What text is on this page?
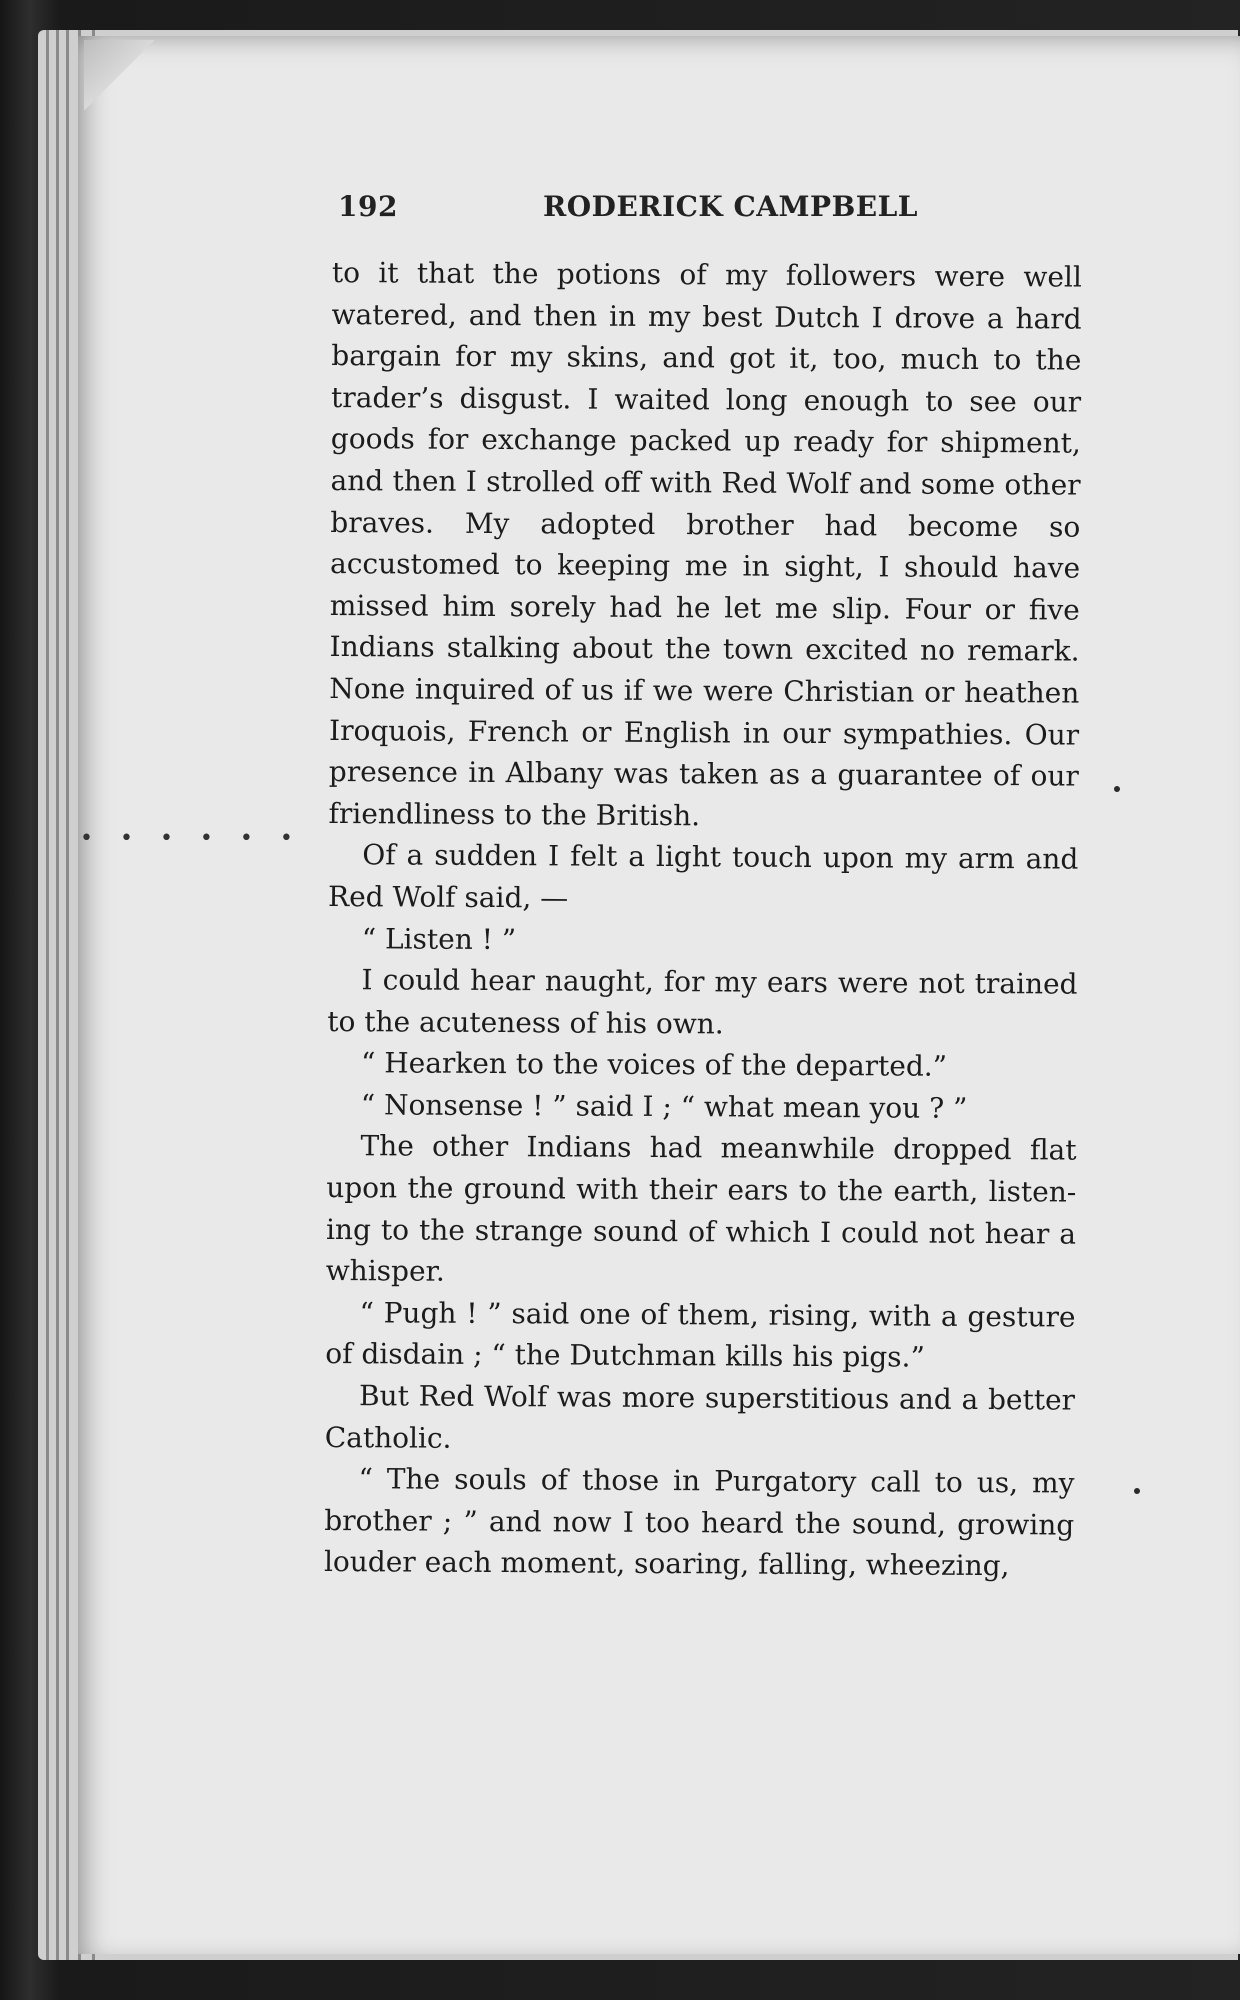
• • • • • •
192	RODERICK CAMPBELL

to it that the potions of my followers were well watered, and then in my best Dutch I drove a hard bargain for my skins, and got it, too, much to the trader’s disgust. I waited long enough to see our goods for exchange packed up ready for shipment, and then I strolled off with Red Wolf and some other braves. My adopted brother had become so accustomed to keeping me in sight, I should have missed him sorely had he let me slip. Four or five Indians stalking about the town excited no remark. None inquired of us if we were Christian or heathen Iroquois, French or English in our sympathies. Our presence in Albany was taken as a guarantee of our friendliness to the British.

Of a sudden I felt a light touch upon my arm and Red Wolf said, —

“ Listen ! ”

I could hear naught, for my ears were not trained to the acuteness of his own.

“ Hearken to the voices of the departed.”

“ Nonsense ! ” said I ; “ what mean you ? ”

The other Indians had meanwhile dropped flat upon the ground with their ears to the earth, listening to the strange sound of which I could not hear a whisper.

“ Pugh ! ” said one of them, rising, with a gesture of disdain ; “ the Dutchman kills his pigs.”

But Red Wolf was more superstitious and a better Catholic.

“ The souls of those in Purgatory call to us, my brother ; ” and now I too heard the sound, growing louder each moment, soaring, falling, wheezing,
